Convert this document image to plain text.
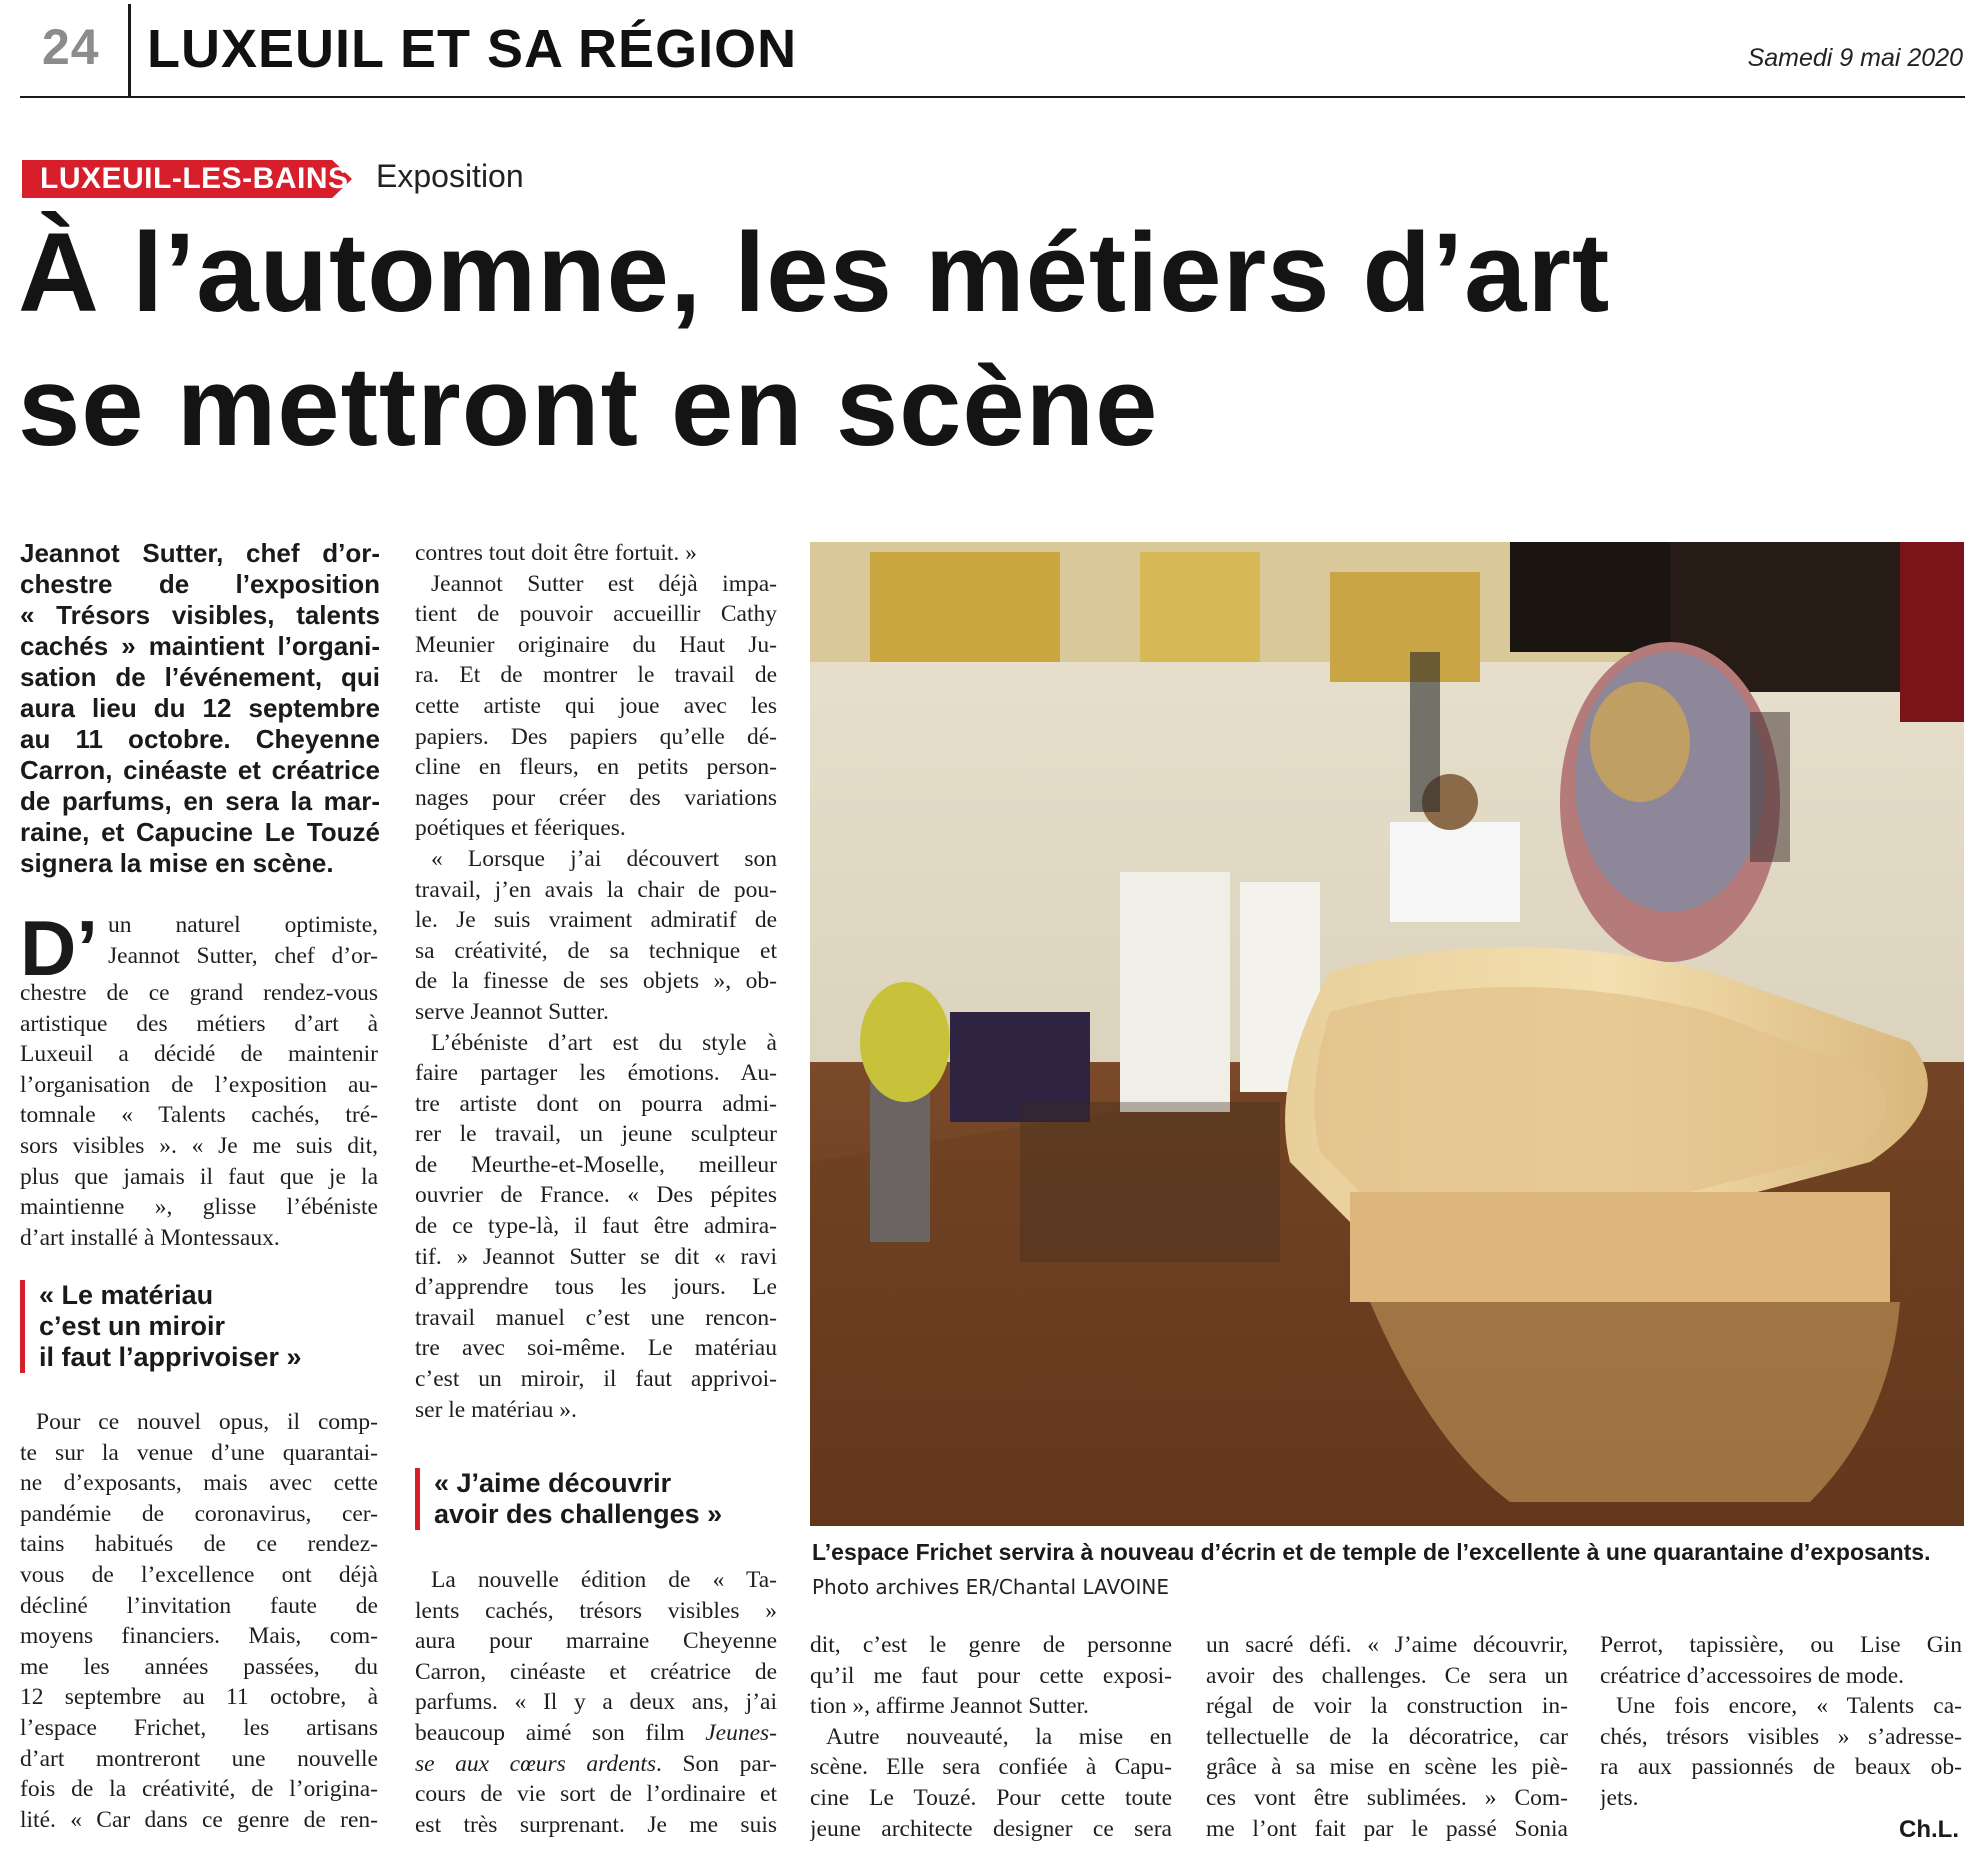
24 LUXEUIL ET SA RÉGION	Samedi 9 mai 2020
LUXEUIL-LES-BAINS Exposition
À l’automne, les métiers d’art
se mettront en scène
Jeannot Sutter, chef d’or-
chestre de l’exposition
« Trésors visibles, talents
cachés » maintient l’organi-
sation de l’événement, qui
aura lieu du 12 septembre
au 11 octobre. Cheyenne
Carron, cinéaste et créatrice
de parfums, en sera la mar-
raine, et Capucine Le Touzé
signera la mise en scène.
D’ un naturel optimiste,
Jeannot Sutter, chef d’or-
chestre de ce grand rendez-vous
artistique des métiers d’art à
Luxeuil a décidé de maintenir
l’organisation de l’exposition au-
tomnale « Talents cachés, tré-
sors visibles ». « Je me suis dit,
plus que jamais il faut que je la
maintienne », glisse l’ébéniste
d’art installé à Montessaux.
« Le matériau
c’est un miroir
il faut l’apprivoiser »
Pour ce nouvel opus, il comp-
te sur la venue d’une quarantai-
ne d’exposants, mais avec cette
pandémie de coronavirus, cer-
tains habitués de ce rendez-
vous de l’excellence ont déjà
décliné l’invitation faute de
moyens financiers. Mais, com-
me les années passées, du
12 septembre au 11 octobre, à
l’espace Frichet, les artisans
d’art montreront une nouvelle
fois de la créativité, de l’origina-
lité. « Car dans ce genre de ren-
contres tout doit être fortuit. »
Jeannot Sutter est déjà impa-
tient de pouvoir accueillir Cathy
Meunier originaire du Haut Ju-
ra. Et de montrer le travail de
cette artiste qui joue avec les
papiers. Des papiers qu’elle dé-
cline en fleurs, en petits person-
nages pour créer des variations
poétiques et féeriques.
« Lorsque j’ai découvert son
travail, j’en avais la chair de pou-
le. Je suis vraiment admiratif de
sa créativité, de sa technique et
de la finesse de ses objets », ob-
serve Jeannot Sutter.
L’ébéniste d’art est du style à
faire partager les émotions. Au-
tre artiste dont on pourra admi-
rer le travail, un jeune sculpteur
de Meurthe-et-Moselle, meilleur
ouvrier de France. « Des pépites
de ce type-là, il faut être admira-
tif. » Jeannot Sutter se dit « ravi
d’apprendre tous les jours. Le
travail manuel c’est une rencon-
tre avec soi-même. Le matériau
c’est un miroir, il faut apprivoi-
ser le matériau ».
« J’aime découvrir
avoir des challenges »
La nouvelle édition de « Ta-
lents cachés, trésors visibles »
aura pour marraine Cheyenne
Carron, cinéaste et créatrice de
parfums. « Il y a deux ans, j’ai
beaucoup aimé son film Jeunes-
se aux cœurs ardents. Son par-
cours de vie sort de l’ordinaire et
est très surprenant. Je me suis
dit, c’est le genre de personne
qu’il me faut pour cette exposi-
tion », affirme Jeannot Sutter.
Autre nouveauté, la mise en
scène. Elle sera confiée à Capu-
cine Le Touzé. Pour cette toute
jeune architecte designer ce sera
un sacré défi. « J’aime découvrir,
avoir des challenges. Ce sera un
régal de voir la construction in-
tellectuelle de la décoratrice, car
grâce à sa mise en scène les piè-
ces vont être sublimées. » Com-
me l’ont fait par le passé Sonia
Perrot, tapissière, ou Lise Gin
créatrice d’accessoires de mode.
Une fois encore, « Talents ca-
chés, trésors visibles » s’adresse-
ra aux passionnés de beaux ob-
jets.
Ch.L.
L’espace Frichet servira à nouveau d’écrin et de temple de l’excellente à une quarantaine d’exposants. Photo archives ER/Chantal LAVOINE
